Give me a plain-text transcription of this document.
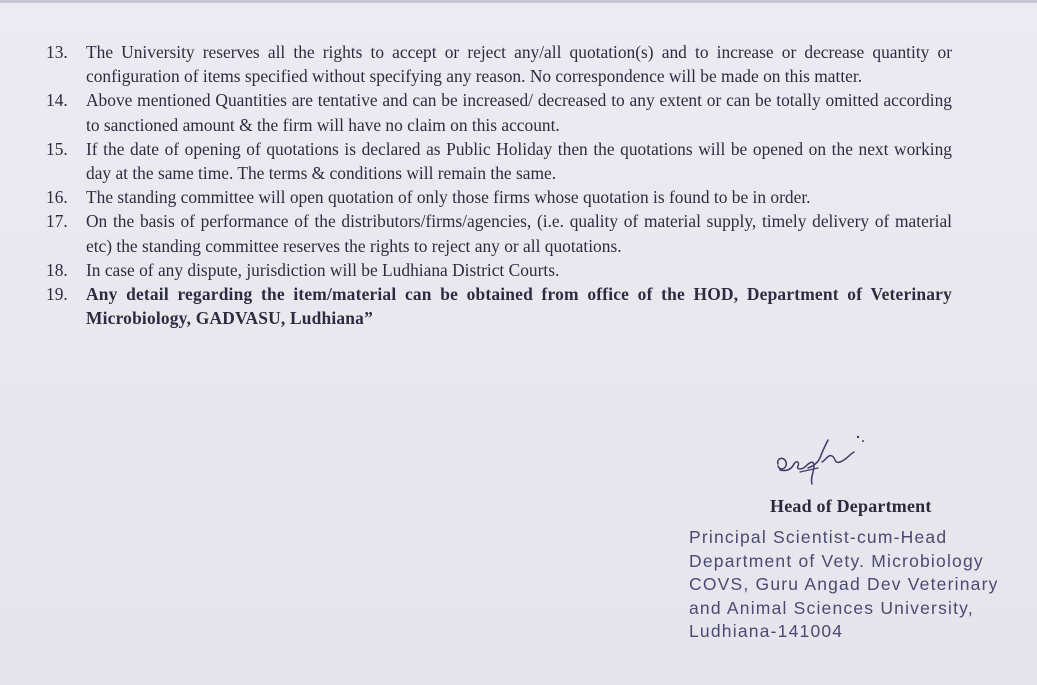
13. The University reserves all the rights to accept or reject any/all quotation(s) and to increase or decrease quantity or configuration of items specified without specifying any reason. No correspondence will be made on this matter.
14. Above mentioned Quantities are tentative and can be increased/ decreased to any extent or can be totally omitted according to sanctioned amount & the firm will have no claim on this account.
15. If the date of opening of quotations is declared as Public Holiday then the quotations will be opened on the next working day at the same time. The terms & conditions will remain the same.
16. The standing committee will open quotation of only those firms whose quotation is found to be in order.
17. On the basis of performance of the distributors/firms/agencies, (i.e. quality of material supply, timely delivery of material etc) the standing committee reserves the rights to reject any or all quotations.
18. In case of any dispute, jurisdiction will be Ludhiana District Courts.
19. Any detail regarding the item/material can be obtained from office of the HOD, Department of Veterinary Microbiology, GADVASU, Ludhiana”
Head of Department
Principal Scientist-cum-Head
Department of Vety. Microbiology
COVS, Guru Angad Dev Veterinary
and Animal Sciences University,
Ludhiana-141004
